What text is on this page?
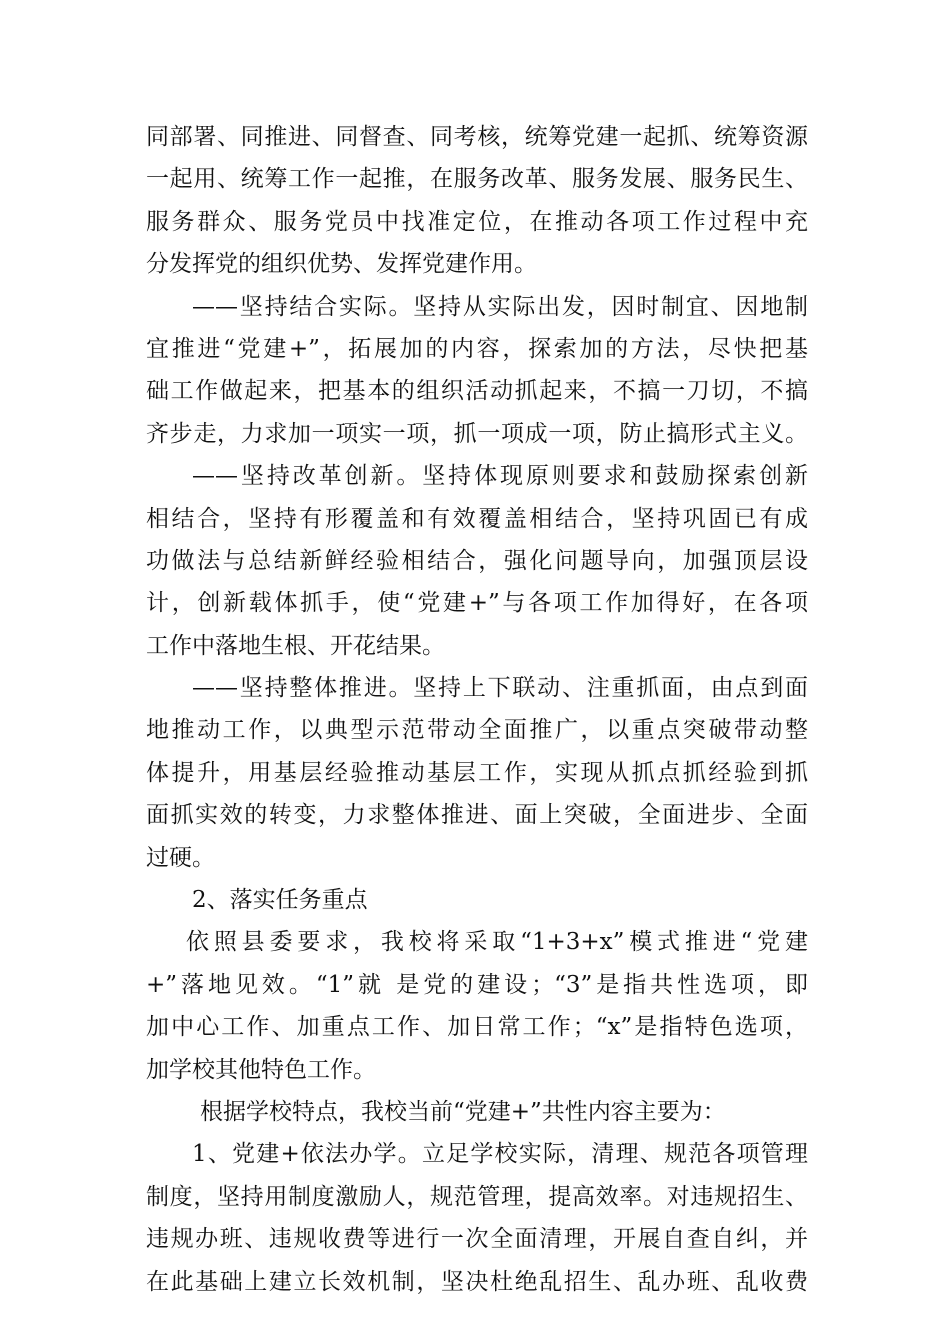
同部署、同推进、同督查、同考核，统筹党建一起抓、统筹资源
一起用、统筹工作一起推，在服务改革、服务发展、服务民生、
服务群众、服务党员中找准定位，在推动各项工作过程中充
分发挥党的组织优势、发挥党建作用。
——坚持结合实际。坚持从实际出发，因时制宜、因地制
宜推进“党建+”，拓展加的内容，探索加的方法，尽快把基
础工作做起来，把基本的组织活动抓起来，不搞一刀切，不搞
齐步走，力求加一项实一项，抓一项成一项，防止搞形式主义。
——坚持改革创新。坚持体现原则要求和鼓励探索创新
相结合，坚持有形覆盖和有效覆盖相结合，坚持巩固已有成
功做法与总结新鲜经验相结合，强化问题导向，加强顶层设
计，创新载体抓手，使“党建+”与各项工作加得好，在各项
工作中落地生根、开花结果。
——坚持整体推进。坚持上下联动、注重抓面，由点到面
地推动工作，以典型示范带动全面推广，以重点突破带动整
体提升，用基层经验推动基层工作，实现从抓点抓经验到抓
面抓实效的转变，力求整体推进、面上突破，全面进步、全面
过硬。
2、落实任务重点
依照县委要求，我校将采取“1+3+x”模式推进“党建
+”落地见效。“1”就 是党的建设；“3”是指共性选项，即
加中心工作、加重点工作、加日常工作；“x”是指特色选项，
加学校其他特色工作。
根据学校特点，我校当前“党建+”共性内容主要为：
1、党建+依法办学。立足学校实际，清理、规范各项管理
制度，坚持用制度激励人，规范管理，提高效率。对违规招生、
违规办班、违规收费等进行一次全面清理，开展自查自纠，并
在此基础上建立长效机制，坚决杜绝乱招生、乱办班、乱收费
